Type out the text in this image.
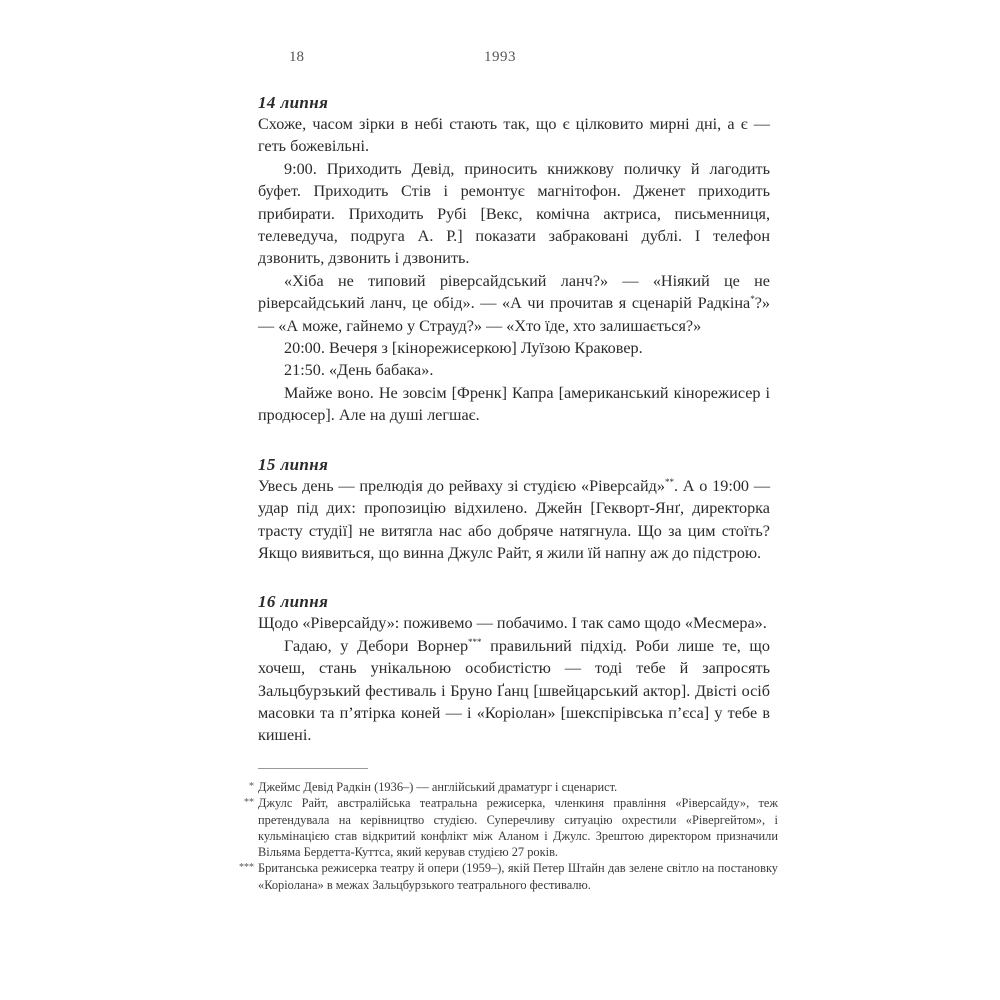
18	1993
14 липня

Схоже, часом зірки в небі стають так, що є цілковито мирні дні, а є — геть божевільні.

9:00. Приходить Девід, приносить книжкову поличку й лагодить буфет. Приходить Стів і ремонтує магнітофон. Дженет приходить прибирати. Приходить Рубі [Векс, комічна актриса, письменниця, телеведуча, подруга А. Р.] показати забраковані дублі. І телефон дзвонить, дзвонить і дзвонить.

«Хіба не типовий ріверсайдський ланч?» — «Ніякий це не ріверсайдський ланч, це обід». — «А чи прочитав я сценарій Радкіна*?» — «А може, гайнемо у Страуд?» — «Хто їде, хто залишається?»

20:00. Вечеря з [кінорежисеркою] Луїзою Краковер.

21:50. «День бабака».

Майже воно. Не зовсім [Френк] Капра [американський кінорежисер і продюсер]. Але на душі легшає.

15 липня

Увесь день — прелюдія до рейваху зі студією «Ріверсайд»**. А о 19:00 — удар під дих: пропозицію відхилено. Джейн [Гекворт-Янґ, директорка трасту студії] не витягла нас або добряче натягнула. Що за цим стоїть? Якщо виявиться, що винна Джулс Райт, я жили їй напну аж до підстрою.

16 липня

Щодо «Ріверсайду»: поживемо — побачимо. І так само щодо «Месмера».

Гадаю, у Дебори Ворнер*** правильний підхід. Роби лише те, що хочеш, стань унікальною особистістю — тоді тебе й запросять Зальцбурзький фестиваль і Бруно Ґанц [швейцарський актор]. Двісті осіб масовки та п’ятірка коней — і «Коріолан» [шекспірівська п’єса] у тебе в кишені.

* Джеймс Девід Радкін (1936–) — англійський драматург і сценарист.

** Джулс Райт, австралійська театральна режисерка, членкиня правління «Ріверсайду», теж претендувала на керівництво студією. Суперечливу ситуацію охрестили «Рівергейтом», і кульмінацією став відкритий конфлікт між Аланом і Джулс. Зрештою директором призначили Вільяма Бердетта-Куттса, який керував студією 27 років.

*** Британська режисерка театру й опери (1959–), якій Петер Штайн дав зелене світло на постановку «Коріолана» в межах Зальцбурзького театрального фестивалю.
